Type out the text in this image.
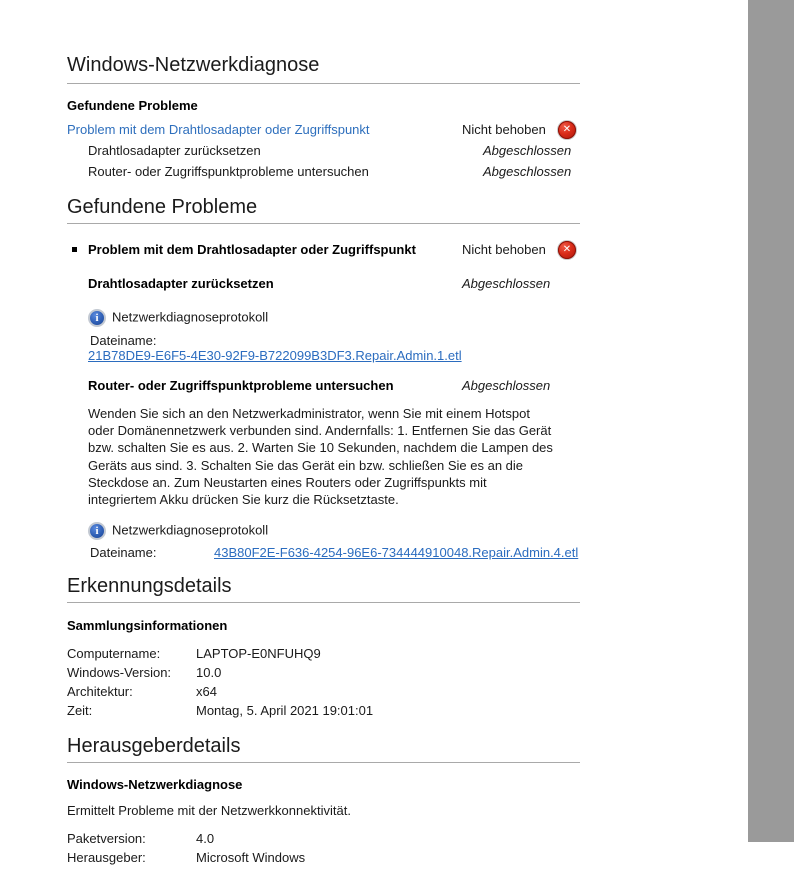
Windows-Netzwerkdiagnose
Gefundene Probleme
Problem mit dem Drahtlosadapter oder Zugriffspunkt	Nicht behoben	✕
Drahtlosadapter zurücksetzen	Abgeschlossen
Router- oder Zugriffspunktprobleme untersuchen	Abgeschlossen
Gefundene Probleme
Problem mit dem Drahtlosadapter oder Zugriffspunkt	Nicht behoben	✕
Drahtlosadapter zurücksetzen	Abgeschlossen
i Netzwerkdiagnoseprotokoll
Dateiname:21B78DE9-E6F5-4E30-92F9-B722099B3DF3.Repair.Admin.1.etl
Router- oder Zugriffspunktprobleme untersuchen	Abgeschlossen

Wenden Sie sich an den Netzwerkadministrator, wenn Sie mit einem Hotspot oder Domänennetzwerk verbunden sind. Andernfalls: 1. Entfernen Sie das Gerät bzw. schalten Sie es aus. 2. Warten Sie 10 Sekunden, nachdem die Lampen des Geräts aus sind. 3. Schalten Sie das Gerät ein bzw. schließen Sie es an die Steckdose an. Zum Neustarten eines Routers oder Zugriffspunkts mit integriertem Akku drücken Sie kurz die Rücksetztaste.

i Netzwerkdiagnoseprotokoll
Dateiname:	43B80F2E-F636-4254-96E6-734444910048.Repair.Admin.4.etl
Erkennungsdetails
Sammlungsinformationen
Computername:	LAPTOP-E0NFUHQ9
Windows-Version: 10.0
Architektur:	x64
Zeit:	Montag, 5. April 2021 19:01:01
Herausgeberdetails
Windows-Netzwerkdiagnose

Ermittelt Probleme mit der Netzwerkkonnektivität.

Paketversion:	4.0
Herausgeber:	Microsoft Windows
